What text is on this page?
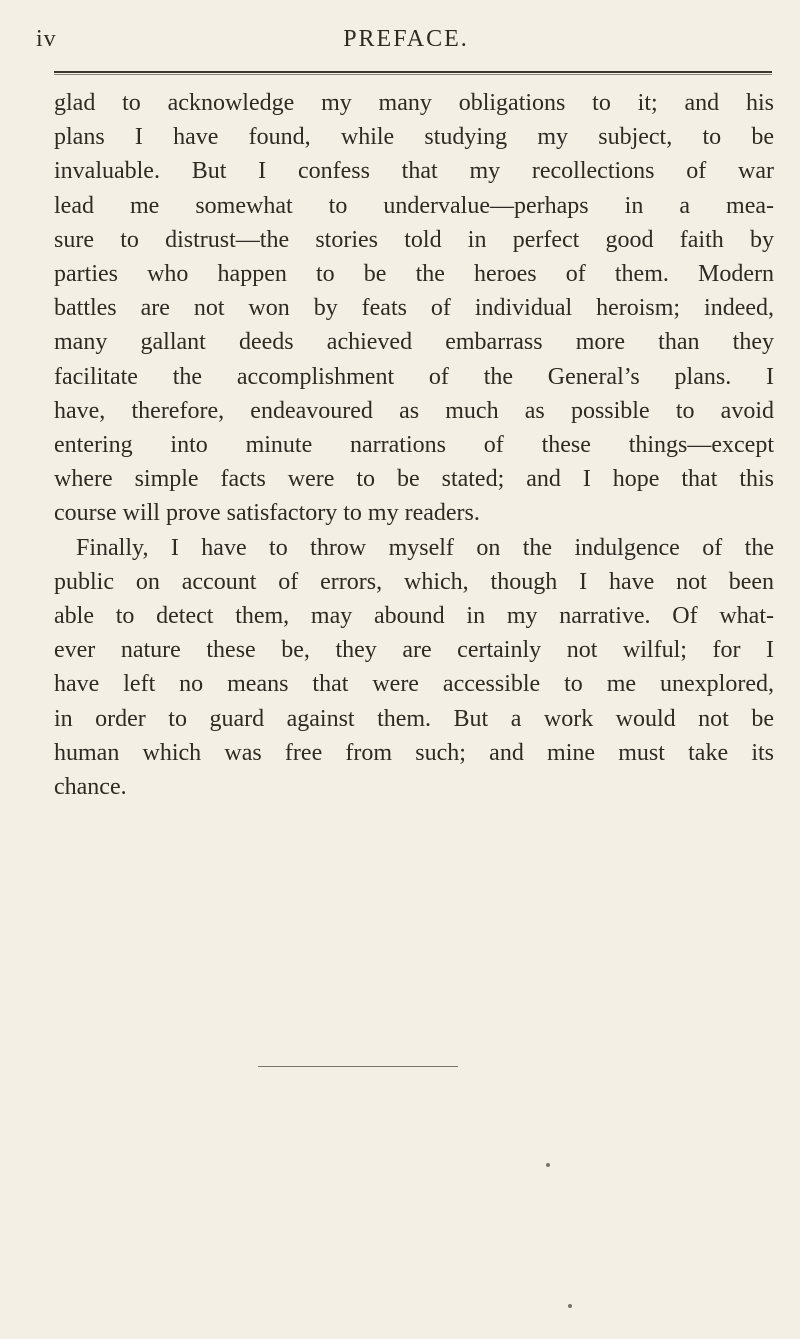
iv	PREFACE.
glad to acknowledge my many obligations to it; and his
plans I have found, while studying my subject, to be
invaluable. But I confess that my recollections of war
lead me somewhat to undervalue—perhaps in a mea-
sure to distrust—the stories told in perfect good faith by
parties who happen to be the heroes of them. Modern
battles are not won by feats of individual heroism; indeed,
many gallant deeds achieved embarrass more than they
facilitate the accomplishment of the General’s plans. I
have, therefore, endeavoured as much as possible to avoid
entering into minute narrations of these things—except
where simple facts were to be stated; and I hope that this
course will prove satisfactory to my readers.
Finally, I have to throw myself on the indulgence of the
public on account of errors, which, though I have not been
able to detect them, may abound in my narrative. Of what-
ever nature these be, they are certainly not wilful; for I
have left no means that were accessible to me unexplored,
in order to guard against them. But a work would not be
human which was free from such; and mine must take its
chance.
